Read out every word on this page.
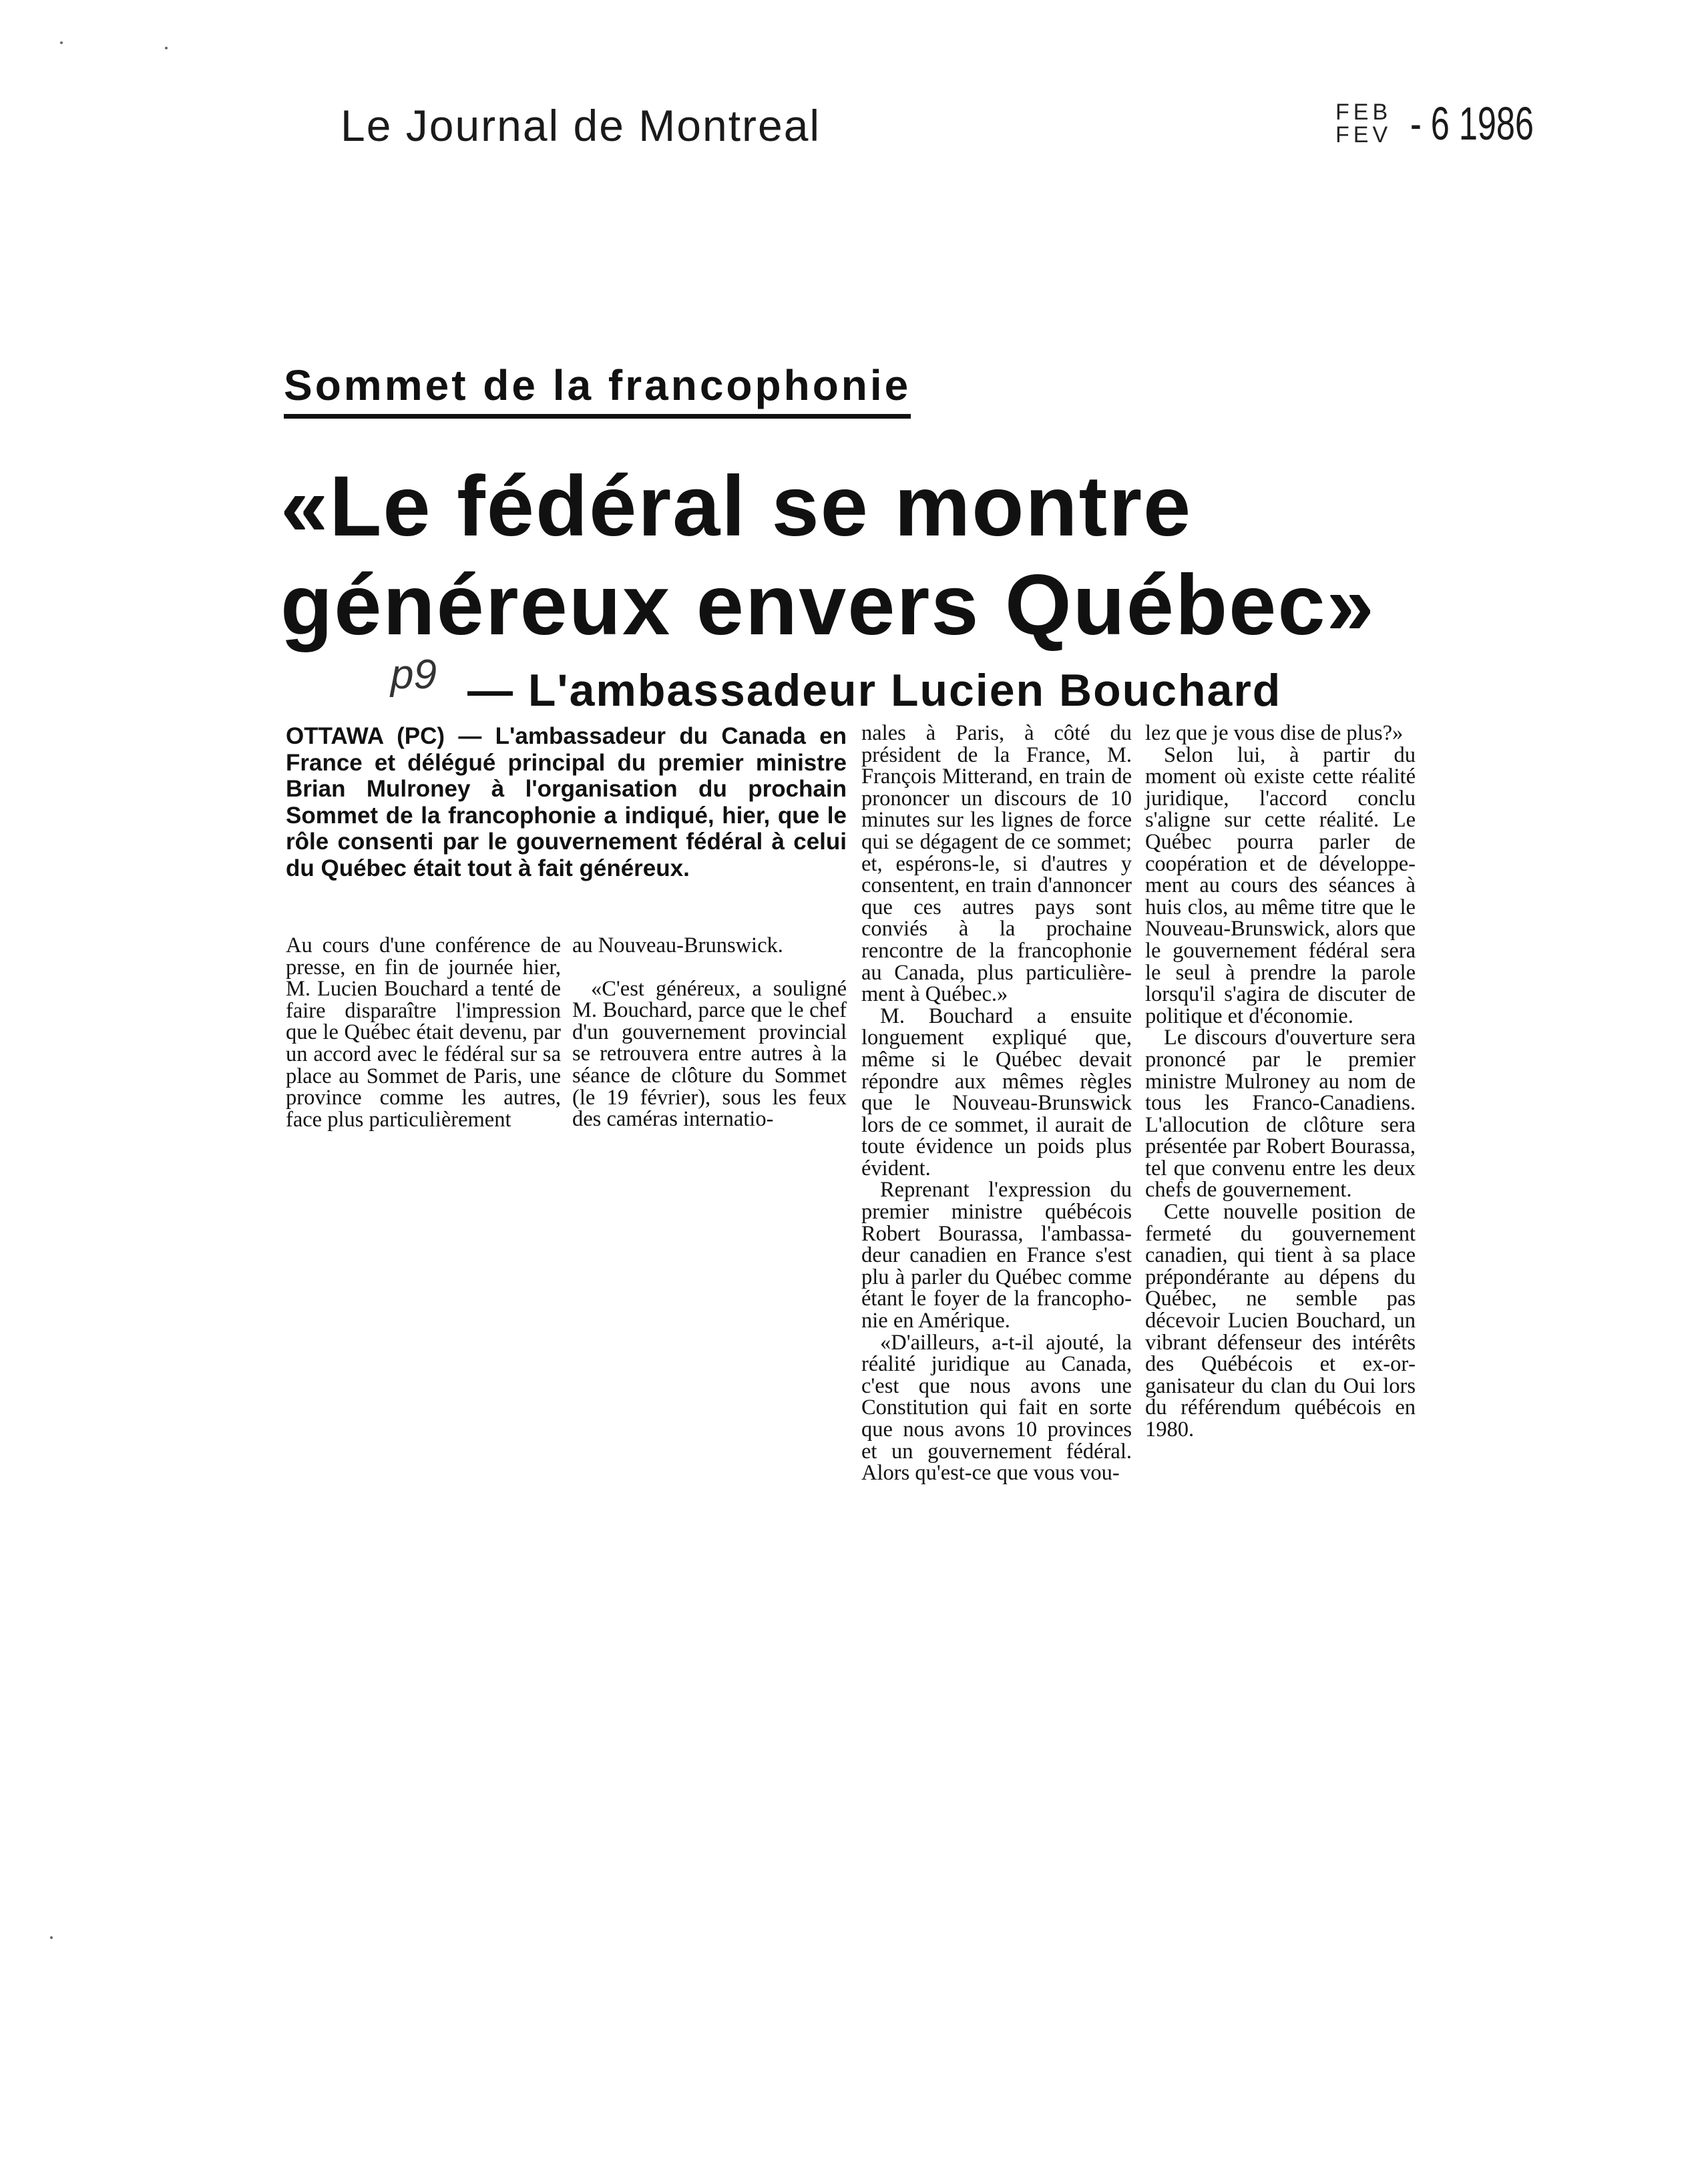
Le Journal de Montreal	FEB
FEV - 6 1986
Sommet de la francophonie
«Le fédéral se montre
généreux envers Québec»
p9 — L'ambassadeur Lucien Bouchard
OTTAWA (PC) — L'ambassadeur du Canada en France et délégué principal du premier ministre Brian Mulroney à l'organisation du prochain Sommet de la francophonie a indiqué, hier, que le rôle consenti par le gouvernement fédéral à celui du Québec était tout à fait généreux.

Au cours d'une conférence de presse, en fin de journée hier, M. Lucien Bouchard a tenté de faire disparaître l'impression que le Québec était devenu, par un accord avec le fédéral sur sa place au Sommet de Paris, une province comme les autres, face plus particulièrement

au Nouveau-Brunswick.

«C'est généreux, a souligné M. Bouchard, parce que le chef d'un gouvernement provincial se retrouvera entre autres à la séance de clôture du Sommet (le 19 février), sous les feux des caméras internatio-

nales à Paris, à côté du président de la France, M. François Mitterand, en train de prononcer un discours de 10 minutes sur les lignes de force qui se dégagent de ce sommet; et, espérons-le, si d'autres y consentent, en train d'annoncer que ces autres pays sont conviés à la prochaine rencontre de la francophonie au Canada, plus particulièrement à Québec.»

M. Bouchard a ensuite longuement expliqué que, même si le Québec devait répondre aux mêmes règles que le Nouveau-Brunswick lors de ce sommet, il aurait de toute évidence un poids plus évident.

Reprenant l'expression du premier ministre québécois Robert Bourassa, l'ambassadeur canadien en France s'est plu à parler du Québec comme étant le foyer de la francophonie en Amérique.

«D'ailleurs, a-t-il ajouté, la réalité juridique au Canada, c'est que nous avons une Constitution qui fait en sorte que nous avons 10 provinces et un gouvernement fédéral. Alors qu'est-ce que vous vou-

lez que je vous dise de plus?»

Selon lui, à partir du moment où existe cette réalité juridique, l'accord conclu s'aligne sur cette réalité. Le Québec pourra parler de coopération et de développement au cours des séances à huis clos, au même titre que le Nouveau-Brunswick, alors que le gouvernement fédéral sera le seul à prendre la parole lorsqu'il s'agira de discuter de politique et d'économie.

Le discours d'ouverture sera prononcé par le premier ministre Mulroney au nom de tous les Franco-Canadiens. L'allocution de clôture sera présentée par Robert Bourassa, tel que convenu entre les deux chefs de gouvernement.

Cette nouvelle position de fermeté du gouvernement canadien, qui tient à sa place prépondérante au dépens du Québec, ne semble pas décevoir Lucien Bouchard, un vibrant défenseur des intérêts des Québécois et ex-organisateur du clan du Oui lors du référendum québécois en 1980.
